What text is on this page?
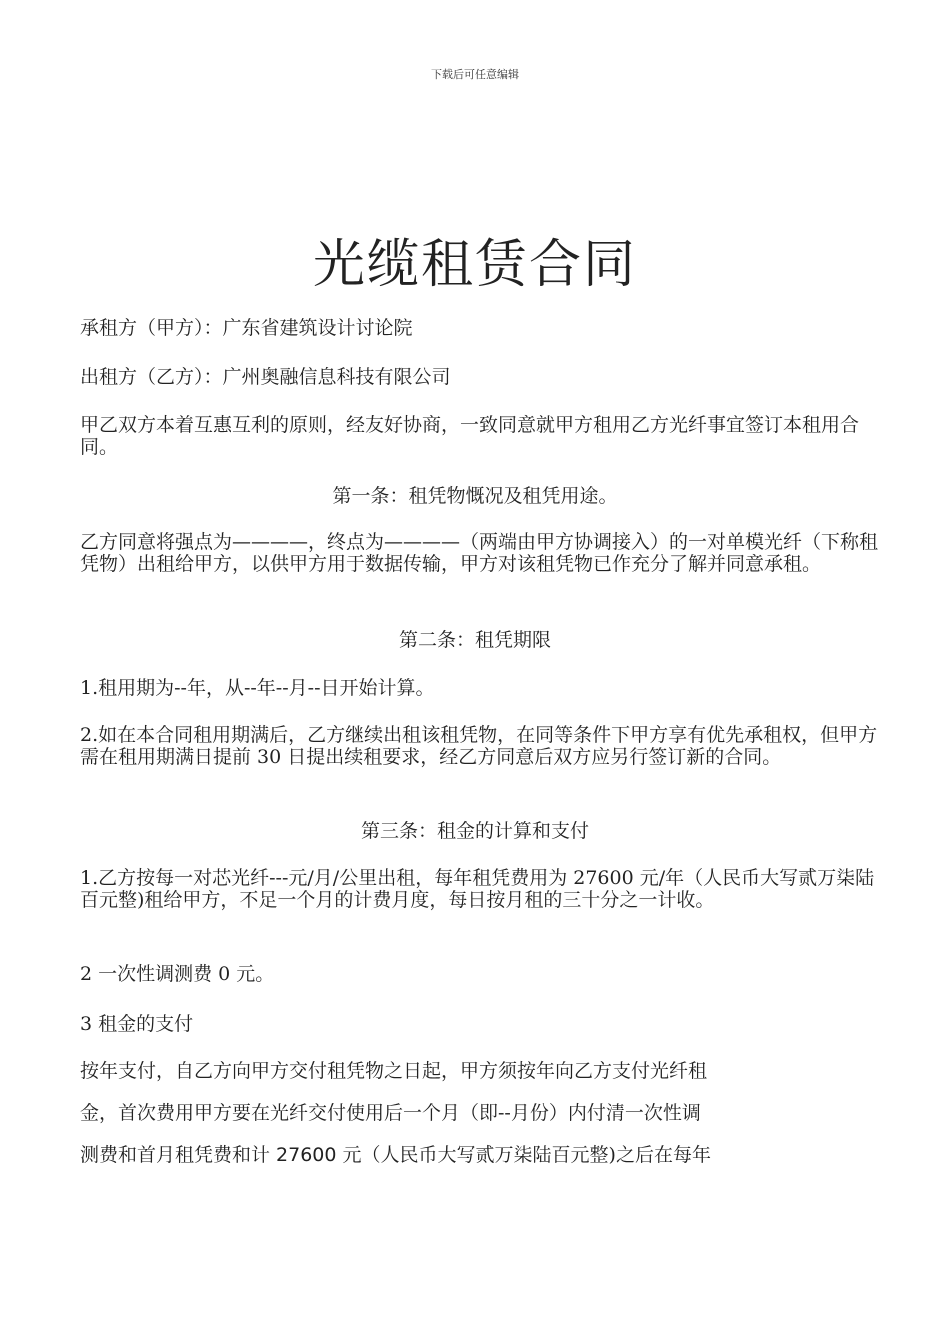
下载后可任意编辑
光缆租赁合同
承租方（甲方）：广东省建筑设计讨论院
出租方（乙方）：广州奥融信息科技有限公司
甲乙双方本着互惠互利的原则，经友好协商，一致同意就甲方租用乙方光纤事宜签订本租用合同。
第一条：租凭物慨况及租凭用途。
乙方同意将强点为————，终点为————（两端由甲方协调接入）的一对单模光纤（下称租凭物）出租给甲方，以供甲方用于数据传输，甲方对该租凭物已作充分了解并同意承租。
第二条：租凭期限
1.租用期为--年，从--年--月--日开始计算。
2.如在本合同租用期满后，乙方继续出租该租凭物，在同等条件下甲方享有优先承租权，但甲方需在租用期满日提前 30 日提出续租要求，经乙方同意后双方应另行签订新的合同。
第三条：租金的计算和支付
1.乙方按每一对芯光纤---元/月/公里出租，每年租凭费用为 27600 元/年（人民币大写贰万柒陆百元整)租给甲方，不足一个月的计费月度，每日按月租的三十分之一计收。
2 一次性调测费 0 元。
3 租金的支付
按年支付，自乙方向甲方交付租凭物之日起，甲方须按年向乙方支付光纤租
金，首次费用甲方要在光纤交付使用后一个月（即--月份）内付清一次性调
测费和首月租凭费和计 27600 元（人民币大写贰万柒陆百元整)之后在每年
